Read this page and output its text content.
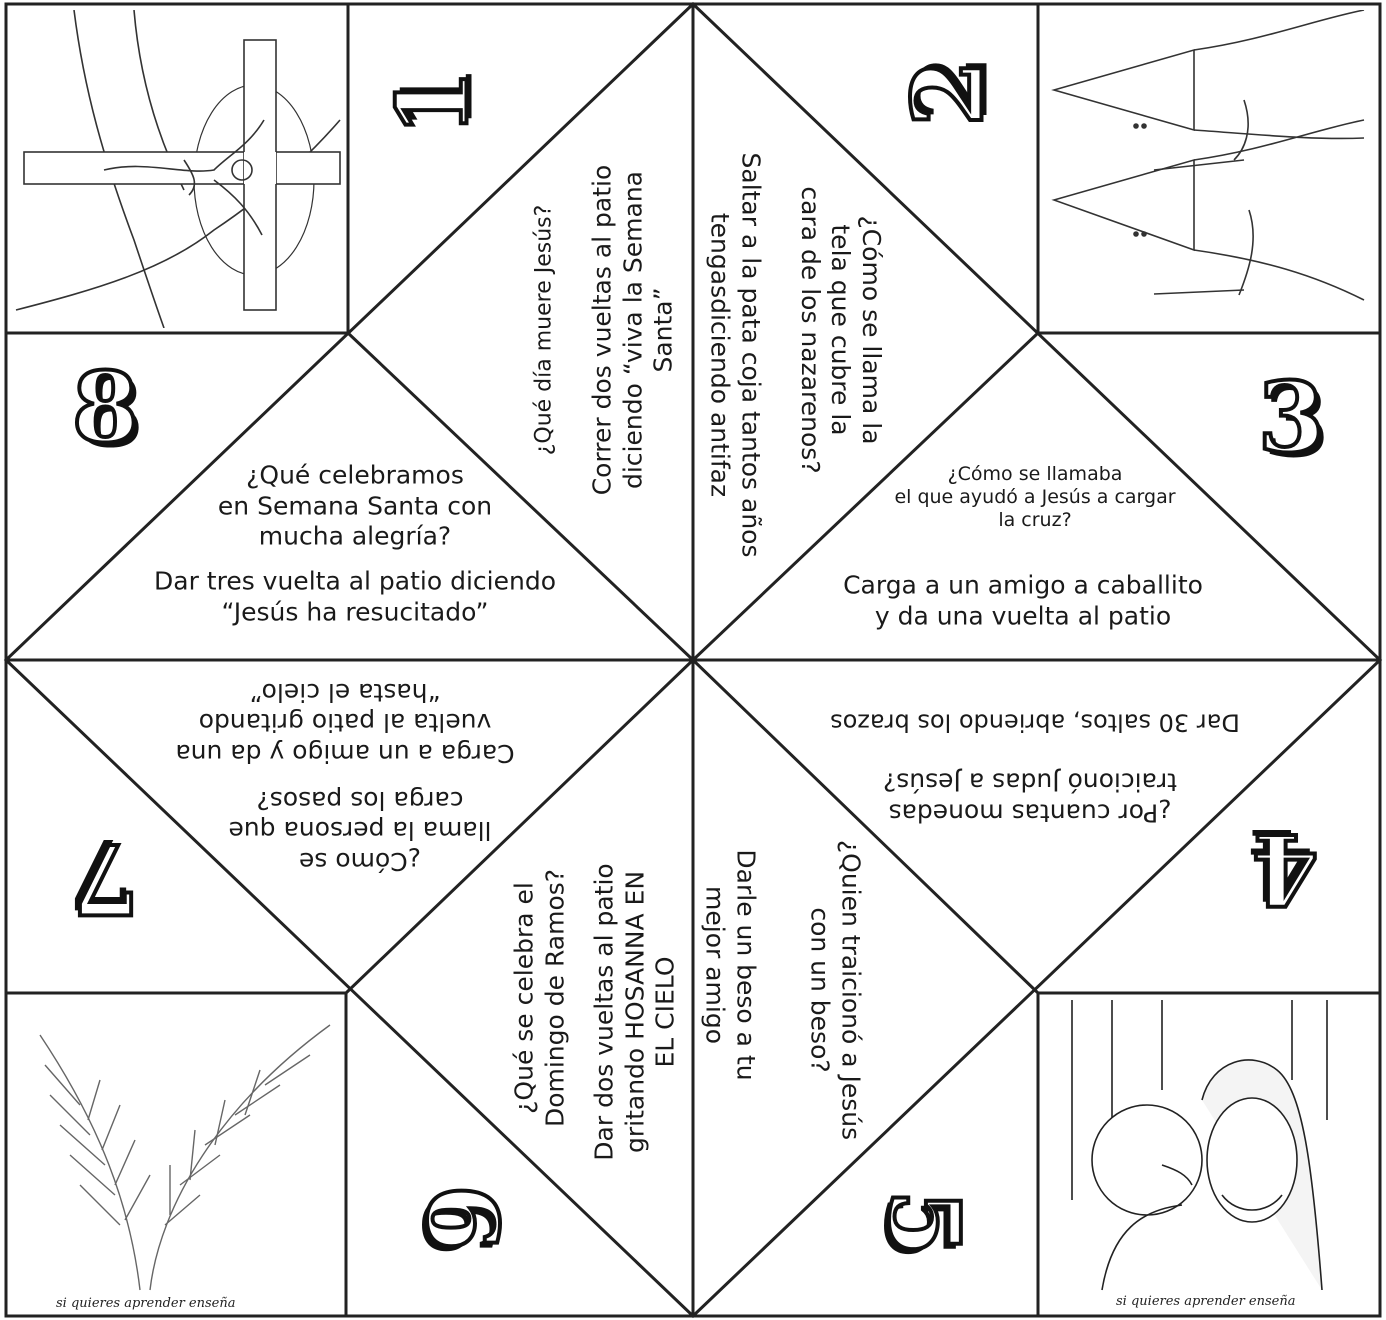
si quieres aprender enseña	si quieres aprender enseña
1	2
3
4
5
6
7
8	¿Qué día muere Jesús? Correr dos vueltas al patio diciendo “viva la Semana Santa”	¿Cómo se llama la
tela que cubre la
cara de los nazarenos?
Saltar a la pata coja tantos años
tengasdiciendo antifaz	¿Cómo se llamaba
el que ayudó a Jesús a cargar
la cruz?
Carga a un amigo a caballito
y da una vuelta al patio
Dar 30 saltos, abriendo los brazos
¿Por cuantas monedas
traicionó Judas a Jesús?
¿Quien traicionó a Jesús
con un beso?
Darle un beso a tu
mejor amigo
¿Qué se celebra el Domingo de Ramos? Dar dos vueltas al patio gritando HOSANNA EN EL CIELO
Carga a un amigo y da una
vuelta al patio gritando
“hasta el cielo”
¿Cómo se
llama la persona que
carga los pasos?
¿Qué celebramos
en Semana Santa con
mucha alegría?
Dar tres vuelta al patio diciendo
“Jesús ha resucitado”
